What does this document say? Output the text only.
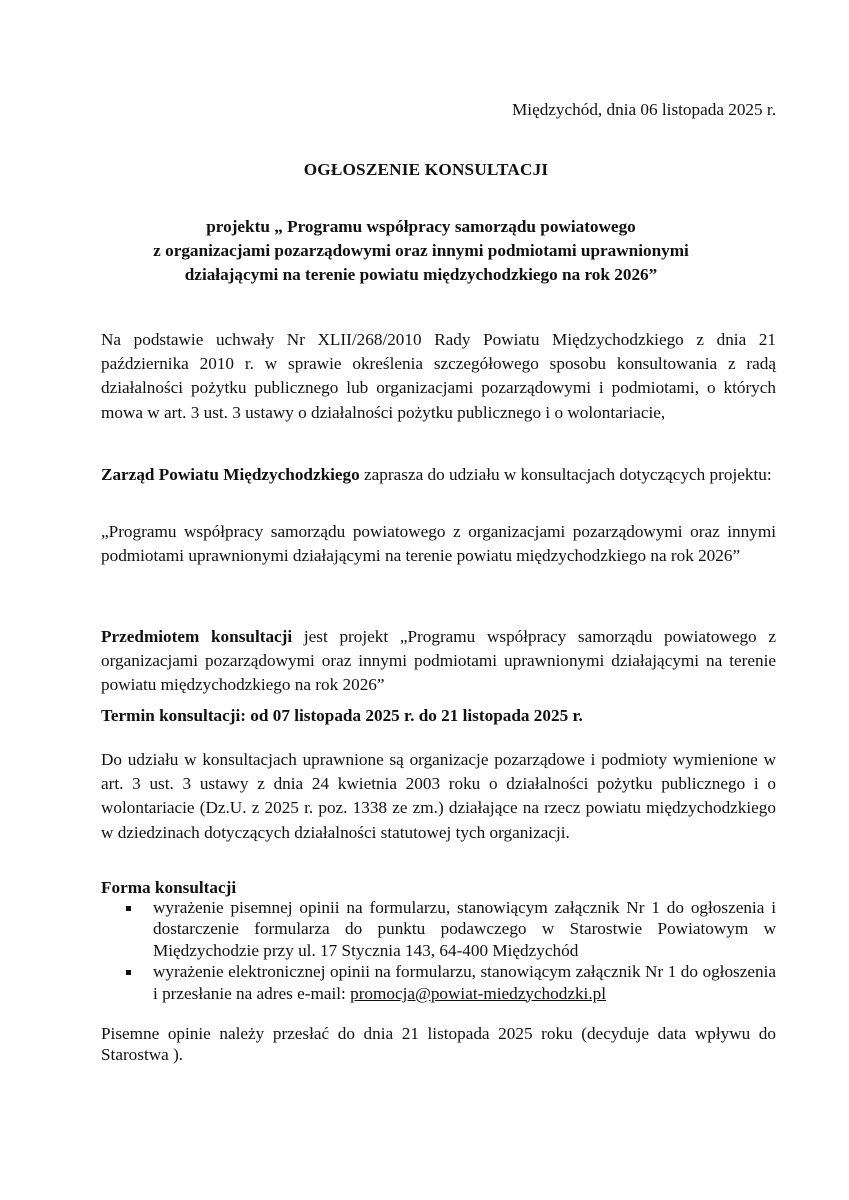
Międzychód, dnia 06 listopada 2025 r.
OGŁOSZENIE KONSULTACJI
projektu „ Programu współpracy samorządu powiatowego
z organizacjami pozarządowymi oraz innymi podmiotami uprawnionymi
działającymi na terenie powiatu międzychodzkiego na rok 2026”
Na podstawie uchwały Nr XLII/268/2010 Rady Powiatu Międzychodzkiego z dnia 21 października 2010 r. w sprawie określenia szczegółowego sposobu konsultowania z radą działalności pożytku publicznego lub organizacjami pozarządowymi i podmiotami, o których mowa w art. 3 ust. 3 ustawy o działalności pożytku publicznego i o wolontariacie,
Zarząd Powiatu Międzychodzkiego zaprasza do udziału w konsultacjach dotyczących projektu:
„Programu współpracy samorządu powiatowego z organizacjami pozarządowymi oraz innymi podmiotami uprawnionymi działającymi na terenie powiatu międzychodzkiego na rok 2026”
Przedmiotem konsultacji jest projekt „Programu współpracy samorządu powiatowego z organizacjami pozarządowymi oraz innymi podmiotami uprawnionymi działającymi na terenie powiatu międzychodzkiego na rok 2026”
Termin konsultacji: od 07 listopada 2025 r. do 21 listopada 2025 r.
Do udziału w konsultacjach uprawnione są organizacje pozarządowe i podmioty wymienione w art. 3 ust. 3 ustawy z dnia 24 kwietnia 2003 roku o działalności pożytku publicznego i o wolontariacie (Dz.U. z 2025 r. poz. 1338 ze zm.) działające na rzecz powiatu międzychodzkiego w dziedzinach dotyczących działalności statutowej tych organizacji.
Forma konsultacji
wyrażenie pisemnej opinii na formularzu, stanowiącym załącznik Nr 1 do ogłoszenia i dostarczenie formularza do punktu podawczego w Starostwie Powiatowym w Międzychodzie przy ul. 17 Stycznia 143, 64-400 Międzychód
wyrażenie elektronicznej opinii na formularzu, stanowiącym załącznik Nr 1 do ogłoszenia i przesłanie na adres e-mail: promocja@powiat-miedzychodzki.pl
Pisemne opinie należy przesłać do dnia 21 listopada 2025 roku (decyduje data wpływu do Starostwa ).
